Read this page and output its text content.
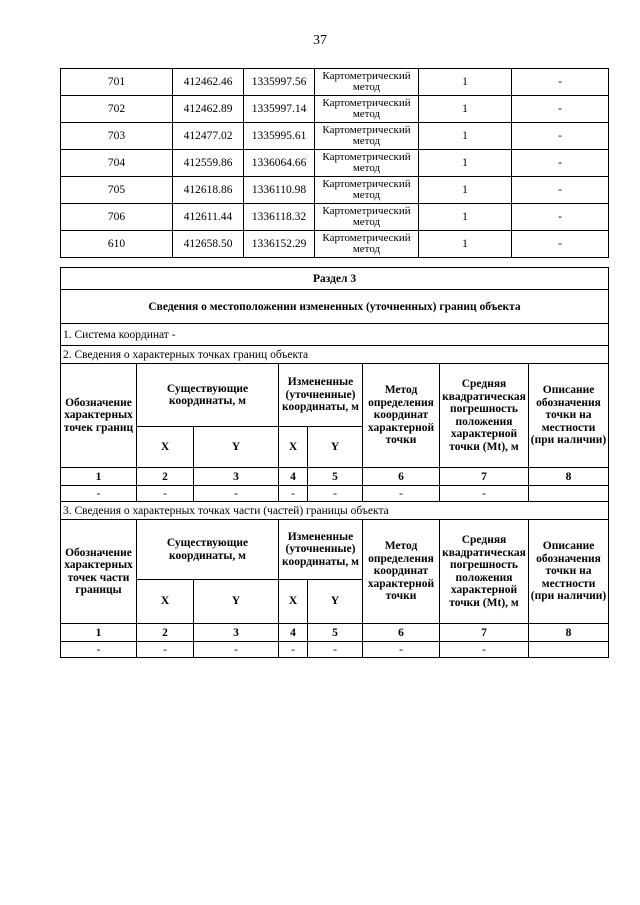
37
701	412462.46	1335997.56	Картометрический метод	1	-
702	412462.89	1335997.14	Картометрический метод	1	-
703	412477.02	1335995.61	Картометрический метод	1	-
704	412559.86	1336064.66	Картометрический метод	1	-
705	412618.86	1336110.98	Картометрический метод	1	-
706	412611.44	1336118.32	Картометрический метод	1	-
610	412658.50	1336152.29	Картометрический метод	1	-
Раздел 3							
Сведения о местоположении измененных (уточненных) границ объекта							
1. Система координат -							
2. Сведения о характерных точках границ объекта							
Обозначение характерных точек границ	Существующие координаты, м		Измененные (уточненные) координаты, м		Метод определения координат характерной точки	Средняя квадратическая погрешность положения характерной точки (Mt), м	Описание обозначения точки на местности (при наличии)
	X	Y	X	Y			
1	2	3	4	5	6	7	8
-	-	-	-	-	-	-	
3. Сведения о характерных точках части (частей) границы объекта							
Обозначение характерных точек части границы	Существующие координаты, м		Измененные (уточненные) координаты, м		Метод определения координат характерной точки	Средняя квадратическая погрешность положения характерной точки (Mt), м	Описание обозначения точки на местности (при наличии)
	X	Y	X	Y			
1	2	3	4	5	6	7	8
-	-	-	-	-	-	-	
